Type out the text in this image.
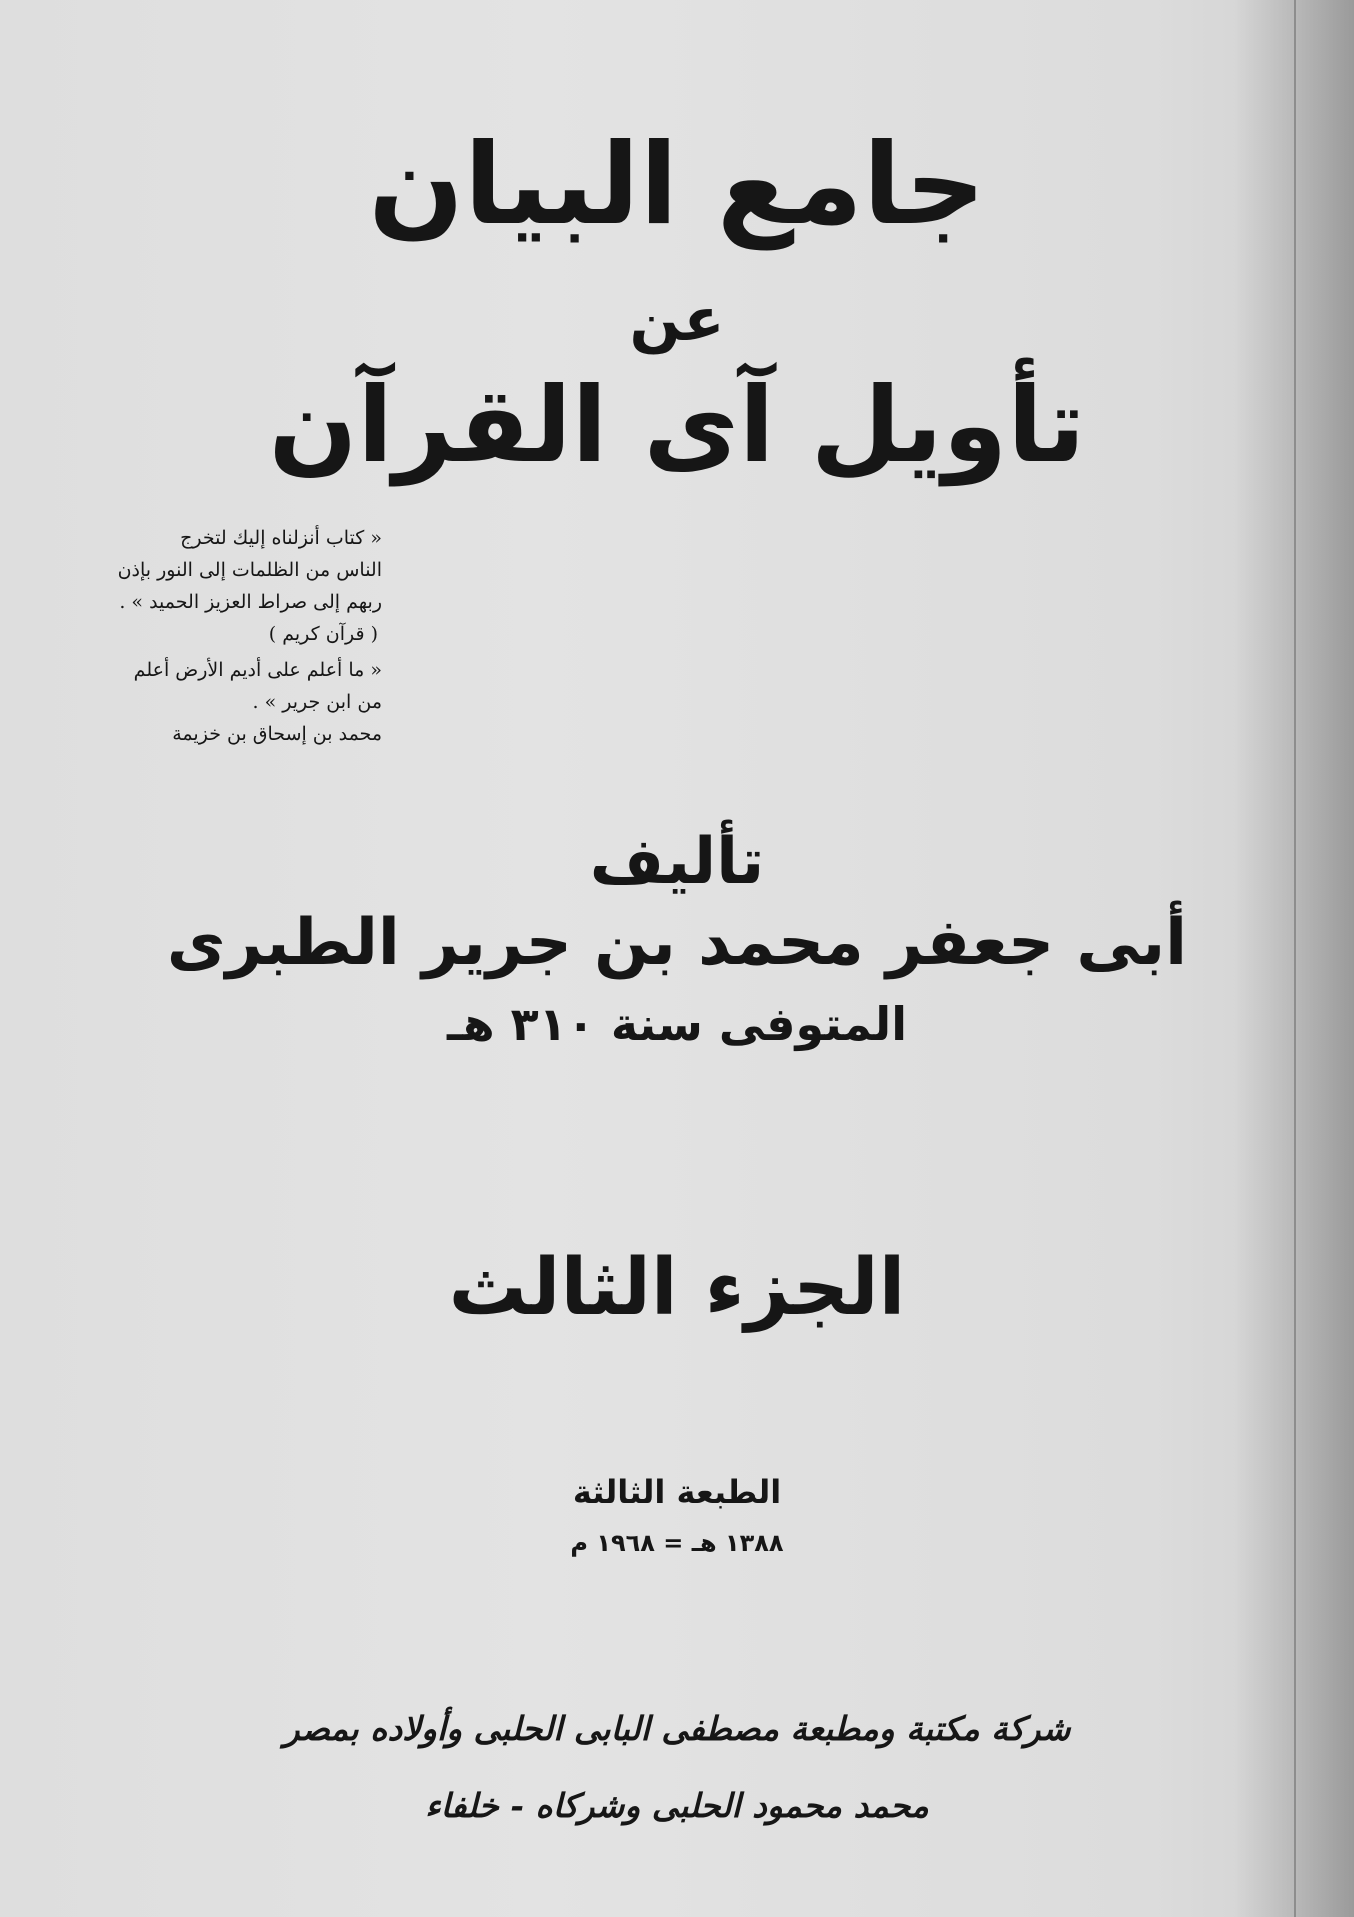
جامع البيان
عن
تأويل آى القرآن
« كتاب أنزلناه إليك لتخرج
الناس من الظلمات إلى النور بإذن
ربهم إلى صراط العزيز الحميد » .
( قرآن كريم )
« ما أعلم على أديم الأرض أعلم
من ابن جرير » .
محمد بن إسحاق بن خزيمة
تأليف
أبى جعفر محمد بن جرير الطبرى
المتوفى سنة ٣١٠ هـ
الجزء الثالث
الطبعة الثالثة
١٣٨٨ هـ = ١٩٦٨ م
شركة مكتبة ومطبعة مصطفى البابى الحلبى وأولاده بمصر
محمد محمود الحلبى وشركاه - خلفاء
